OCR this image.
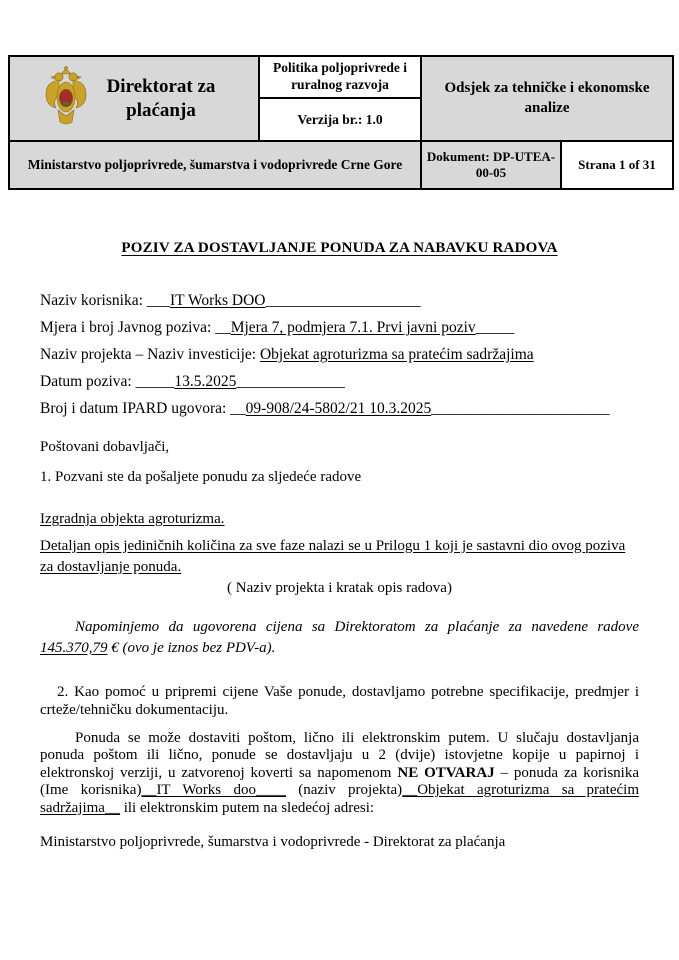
Direktorat za plaćanja	Politika poljoprivrede i ruralnog razvoja	Odsjek za tehničke i ekonomske analize	
	Verzija br.: 1.0		
Ministarstvo poljoprivrede, šumarstva i vodoprivrede Crne Gore		Dokument: DP-UTEA-00-05	Strana 1 of 31
POZIV ZA DOSTAVLJANJE PONUDA ZA NABAVKU RADOVA

Naziv korisnika: ___IT Works DOO____________________

Mjera i broj Javnog poziva: __Mjera 7, podmjera 7.1. Prvi javni poziv_____

Naziv projekta – Naziv investicije: Objekat agroturizma sa pratećim sadržajima

Datum poziva: _____13.5.2025______________

Broj i datum IPARD ugovora: __09-908/24-5802/21 10.3.2025_______________________

Poštovani dobavljači,

1. Pozvani ste da pošaljete ponudu za sljedeće radove

Izgradnja objekta agroturizma.

Detaljan opis jediničnih količina za sve faze nalazi se u Prilogu 1 koji je sastavni dio ovog poziva za dostavljanje ponuda.

( Naziv projekta i kratak opis radova)

Napominjemo da ugovorena cijena sa Direktoratom za plaćanje za navedene radove 145.370,79 € (ovo je iznos bez PDV-a).

2. Kao pomoć u pripremi cijene Vaše ponude, dostavljamo potrebne specifikacije, predmjer i crteže/tehničku dokumentaciju.

Ponuda se može dostaviti poštom, lično ili elektronskim putem. U slučaju dostavljanja ponuda poštom ili lično, ponude se dostavljaju u 2 (dvije) istovjetne kopije u papirnoj i elektronskoj verziji, u zatvorenoj koverti sa napomenom NE OTVARAJ – ponuda za korisnika (Ime korisnika)__IT Works doo____ (naziv projekta)__Objekat agroturizma sa pratećim sadržajima__ ili elektronskim putem na sledećoj adresi:

Ministarstvo poljoprivrede, šumarstva i vodoprivrede - Direktorat za plaćanja
